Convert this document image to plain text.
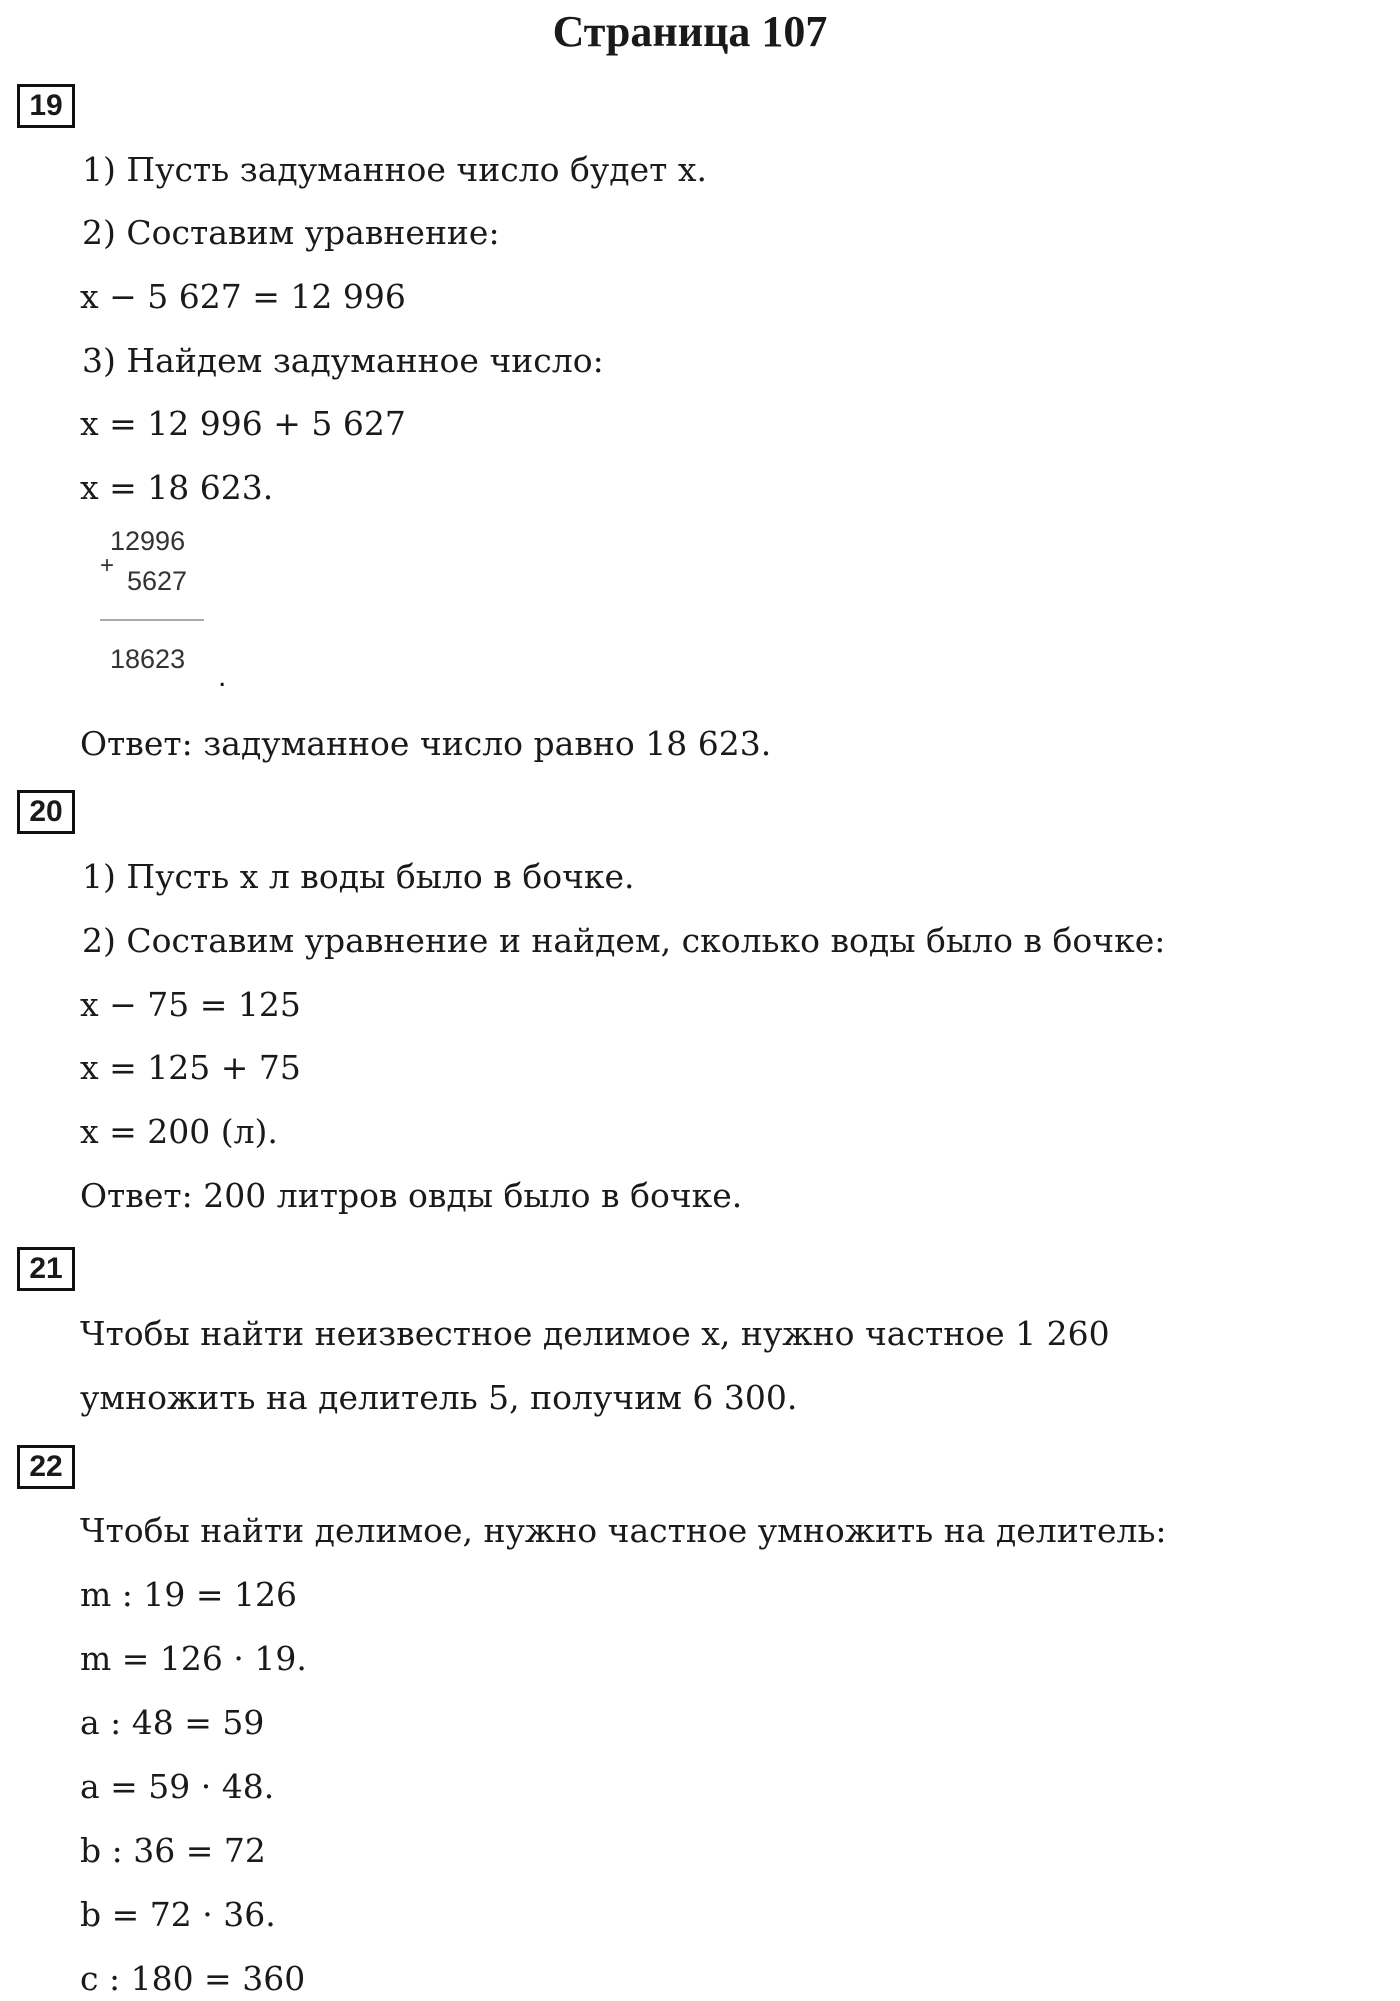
Страница 107
19
1) Пусть задуманное число будет x.
2) Составим уравнение:
x − 5 627 = 12 996
3) Найдем задуманное число:
x = 12 996 + 5 627
x = 18 623.
+
12996
5627
18623
.
Ответ: задуманное число равно 18 623.
20
1) Пусть x л воды было в бочке.
2) Составим уравнение и найдем, сколько воды было в бочке:
x − 75 = 125
x = 125 + 75
x = 200 (л).
Ответ: 200 литров овды было в бочке.
21
Чтобы найти неизвестное делимое x, нужно частное 1 260
умножить на делитель 5, получим 6 300.
22
Чтобы найти делимое, нужно частное умножить на делитель:
m : 19 = 126
m = 126 · 19.
a : 48 = 59
a = 59 · 48.
b : 36 = 72
b = 72 · 36.
c : 180 = 360
